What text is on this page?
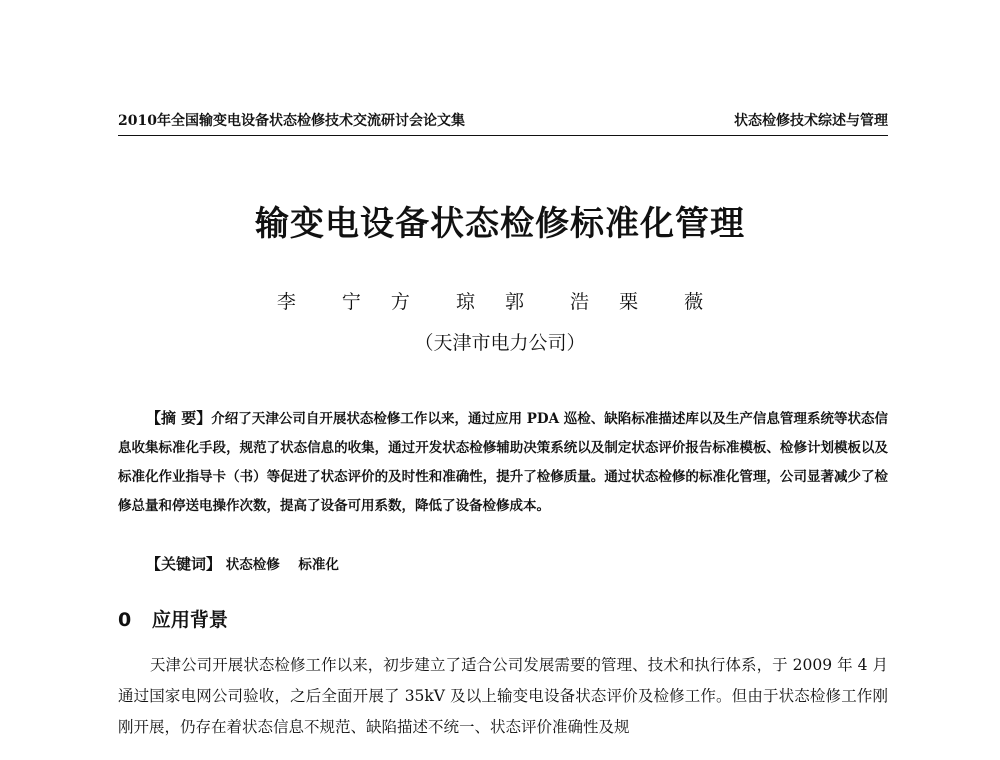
2010年全国输变电设备状态检修技术交流研讨会论文集	状态检修技术综述与管理
输变电设备状态检修标准化管理
李 宁 方 琼 郭 浩 栗 薇
（天津市电力公司）

【摘 要】介绍了天津公司自开展状态检修工作以来，通过应用 PDA 巡检、缺陷标准描述库以及生产信息管理系统等状态信息收集标准化手段，规范了状态信息的收集，通过开发状态检修辅助决策系统以及制定状态评价报告标准模板、检修计划模板以及标准化作业指导卡（书）等促进了状态评价的及时性和准确性，提升了检修质量。通过状态检修的标准化管理，公司显著减少了检修总量和停送电操作次数，提高了设备可用系数，降低了设备检修成本。

【关键词】 状态检修 标准化
0 应用背景

天津公司开展状态检修工作以来，初步建立了适合公司发展需要的管理、技术和执行体系，于 2009 年 4 月通过国家电网公司验收，之后全面开展了 35kV 及以上输变电设备状态评价及检修工作。但由于状态检修工作刚刚开展，仍存在着状态信息不规范、缺陷描述不统一、状态评价准确性及规
